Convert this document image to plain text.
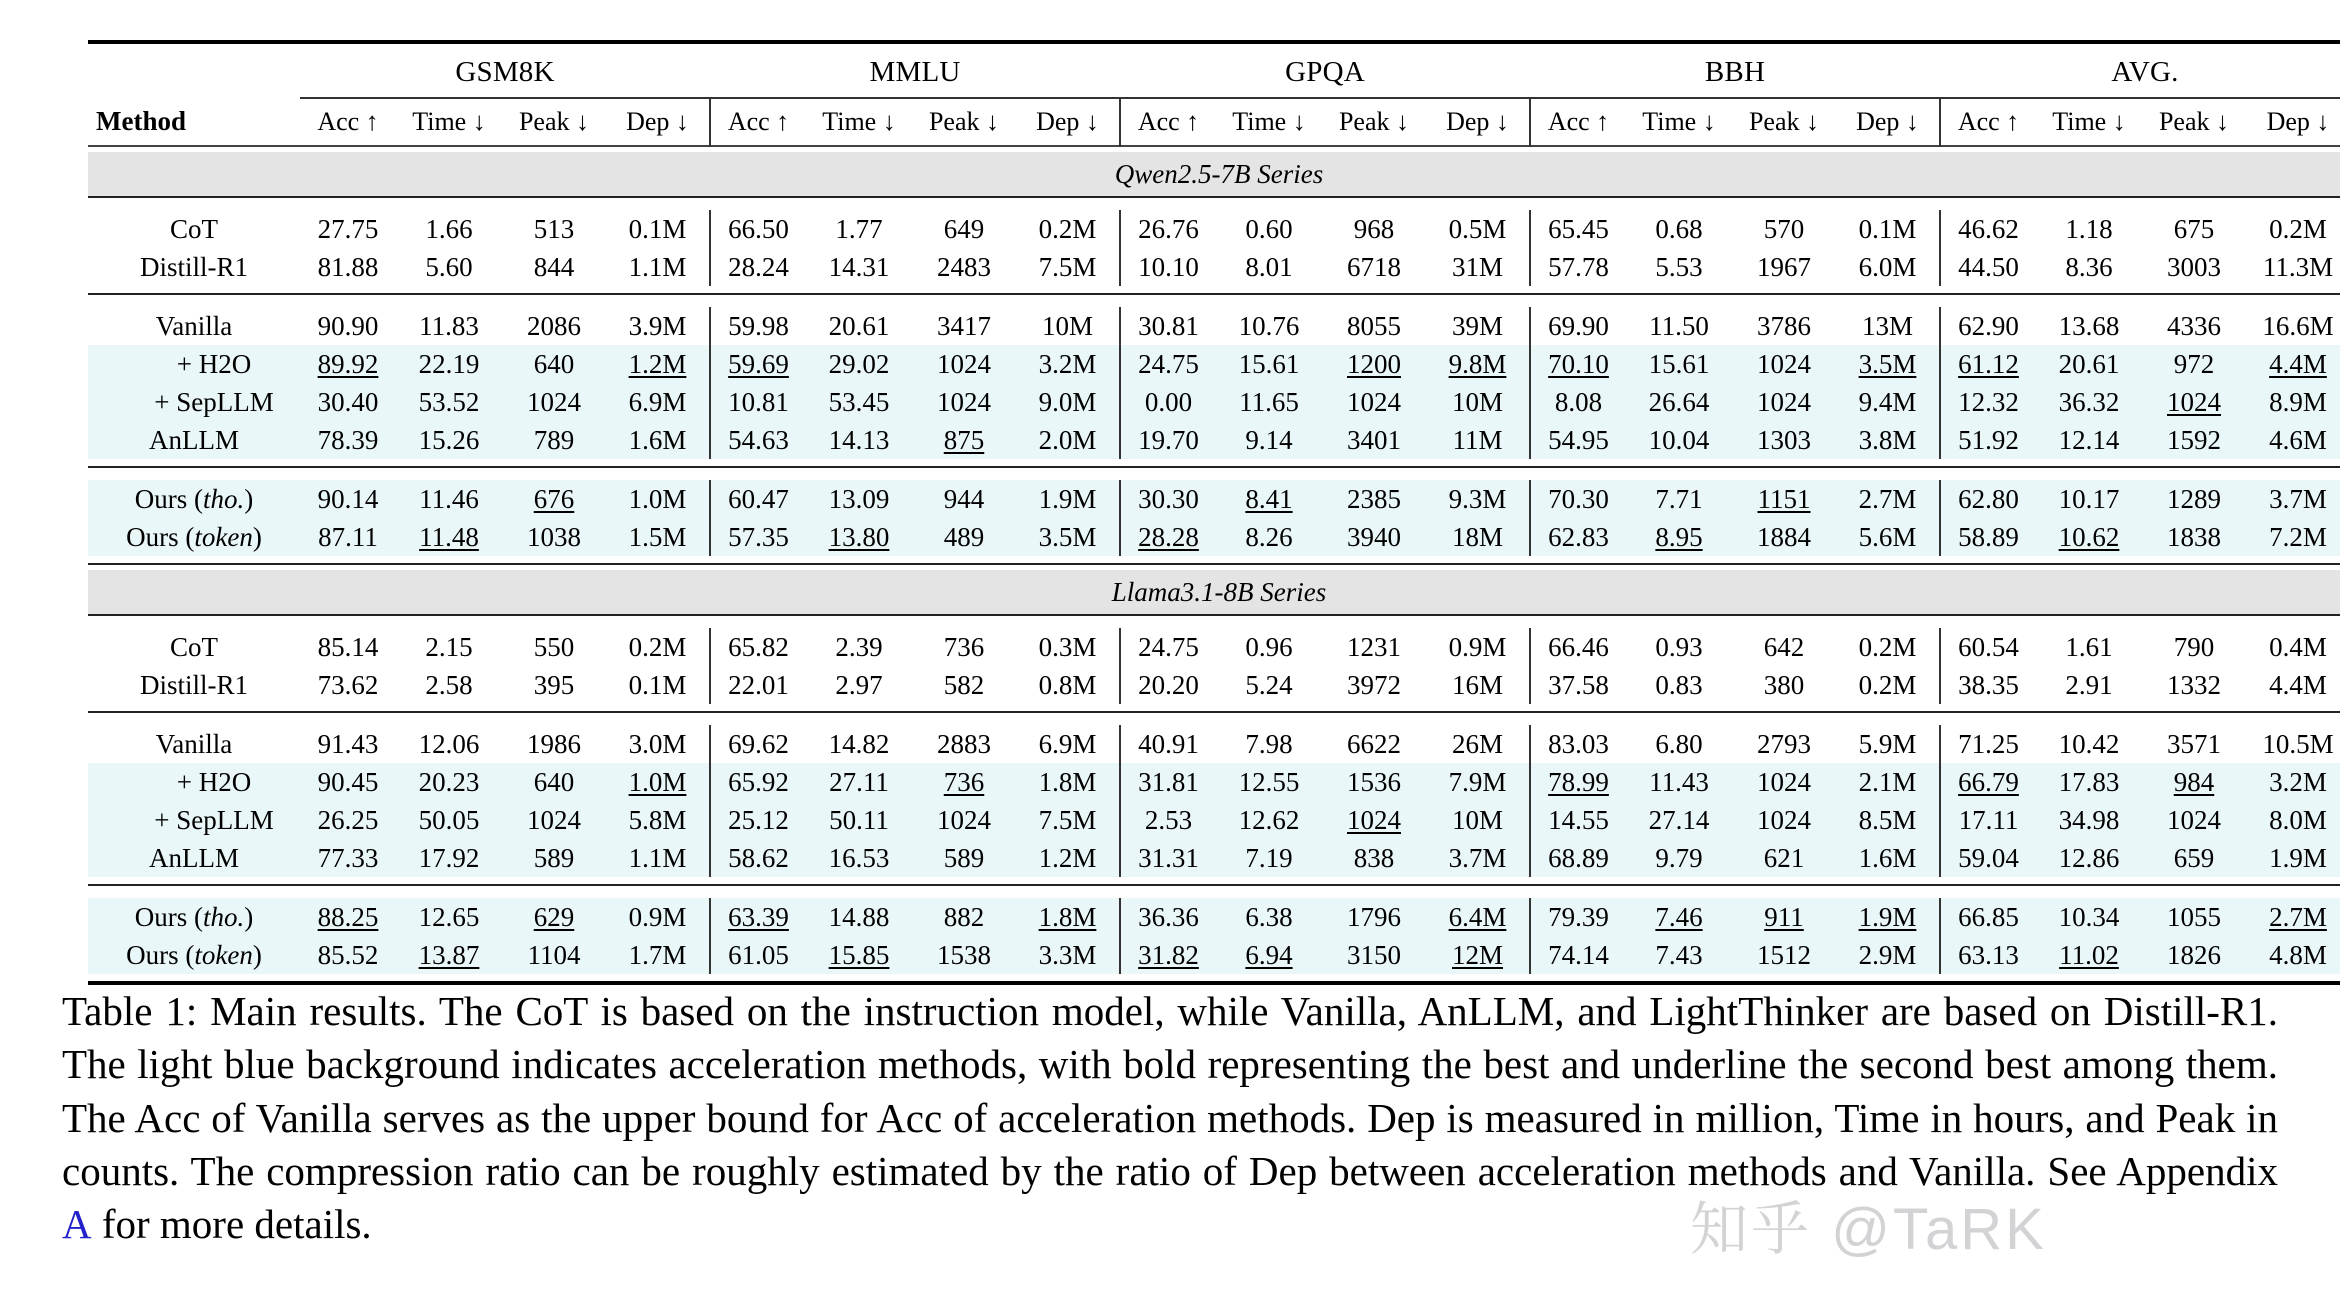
	GSM8K				MMLU				GPQA				BBH				AVG.			

Method	Acc ↑	Time ↓	Peak ↓	Dep ↓	Acc ↑	Time ↓	Peak ↓	Dep ↓	Acc ↑	Time ↓	Peak ↓	Dep ↓	Acc ↑	Time ↓	Peak ↓	Dep ↓	Acc ↑	Time ↓	Peak ↓	Dep ↓

Qwen2.5-7B Series																				

CoT	27.75	1.66	513	0.1M	66.50	1.77	649	0.2M	26.76	0.60	968	0.5M	65.45	0.68	570	0.1M	46.62	1.18	675	0.2M
Distill-R1	81.88	5.60	844	1.1M	28.24	14.31	2483	7.5M	10.10	8.01	6718	31M	57.78	5.53	1967	6.0M	44.50	8.36	3003	11.3M

Vanilla	90.90	11.83	2086	3.9M	59.98	20.61	3417	10M	30.81	10.76	8055	39M	69.90	11.50	3786	13M	62.90	13.68	4336	16.6M
+ H2O	89.92	22.19	640	1.2M	59.69	29.02	1024	3.2M	24.75	15.61	1200	9.8M	70.10	15.61	1024	3.5M	61.12	20.61	972	4.4M
+ SepLLM	30.40	53.52	1024	6.9M	10.81	53.45	1024	9.0M	0.00	11.65	1024	10M	8.08	26.64	1024	9.4M	12.32	36.32	1024	8.9M
AnLLM	78.39	15.26	789	1.6M	54.63	14.13	875	2.0M	19.70	9.14	3401	11M	54.95	10.04	1303	3.8M	51.92	12.14	1592	4.6M

Ours (tho.)	90.14	11.46	676	1.0M	60.47	13.09	944	1.9M	30.30	8.41	2385	9.3M	70.30	7.71	1151	2.7M	62.80	10.17	1289	3.7M
Ours (token)	87.11	11.48	1038	1.5M	57.35	13.80	489	3.5M	28.28	8.26	3940	18M	62.83	8.95	1884	5.6M	58.89	10.62	1838	7.2M

Llama3.1-8B Series																				

CoT	85.14	2.15	550	0.2M	65.82	2.39	736	0.3M	24.75	0.96	1231	0.9M	66.46	0.93	642	0.2M	60.54	1.61	790	0.4M
Distill-R1	73.62	2.58	395	0.1M	22.01	2.97	582	0.8M	20.20	5.24	3972	16M	37.58	0.83	380	0.2M	38.35	2.91	1332	4.4M

Vanilla	91.43	12.06	1986	3.0M	69.62	14.82	2883	6.9M	40.91	7.98	6622	26M	83.03	6.80	2793	5.9M	71.25	10.42	3571	10.5M
+ H2O	90.45	20.23	640	1.0M	65.92	27.11	736	1.8M	31.81	12.55	1536	7.9M	78.99	11.43	1024	2.1M	66.79	17.83	984	3.2M
+ SepLLM	26.25	50.05	1024	5.8M	25.12	50.11	1024	7.5M	2.53	12.62	1024	10M	14.55	27.14	1024	8.5M	17.11	34.98	1024	8.0M
AnLLM	77.33	17.92	589	1.1M	58.62	16.53	589	1.2M	31.31	7.19	838	3.7M	68.89	9.79	621	1.6M	59.04	12.86	659	1.9M

Ours (tho.)	88.25	12.65	629	0.9M	63.39	14.88	882	1.8M	36.36	6.38	1796	6.4M	79.39	7.46	911	1.9M	66.85	10.34	1055	2.7M
Ours (token)	85.52	13.87	1104	1.7M	61.05	15.85	1538	3.3M	31.82	6.94	3150	12M	74.14	7.43	1512	2.9M	63.13	11.02	1826	4.8M

Table 1: Main results. The CoT is based on the instruction model, while Vanilla, AnLLM, and LightThinker are based on Distill-R1. The light blue background indicates acceleration methods, with bold representing the best and underline the second best among them. The Acc of Vanilla serves as the upper bound for Acc of acceleration methods. Dep is measured in million, Time in hours, and Peak in counts. The compression ratio can be roughly estimated by the ratio of Dep between acceleration methods and Vanilla. See Appendix A for more details.	知乎 @TaRK
